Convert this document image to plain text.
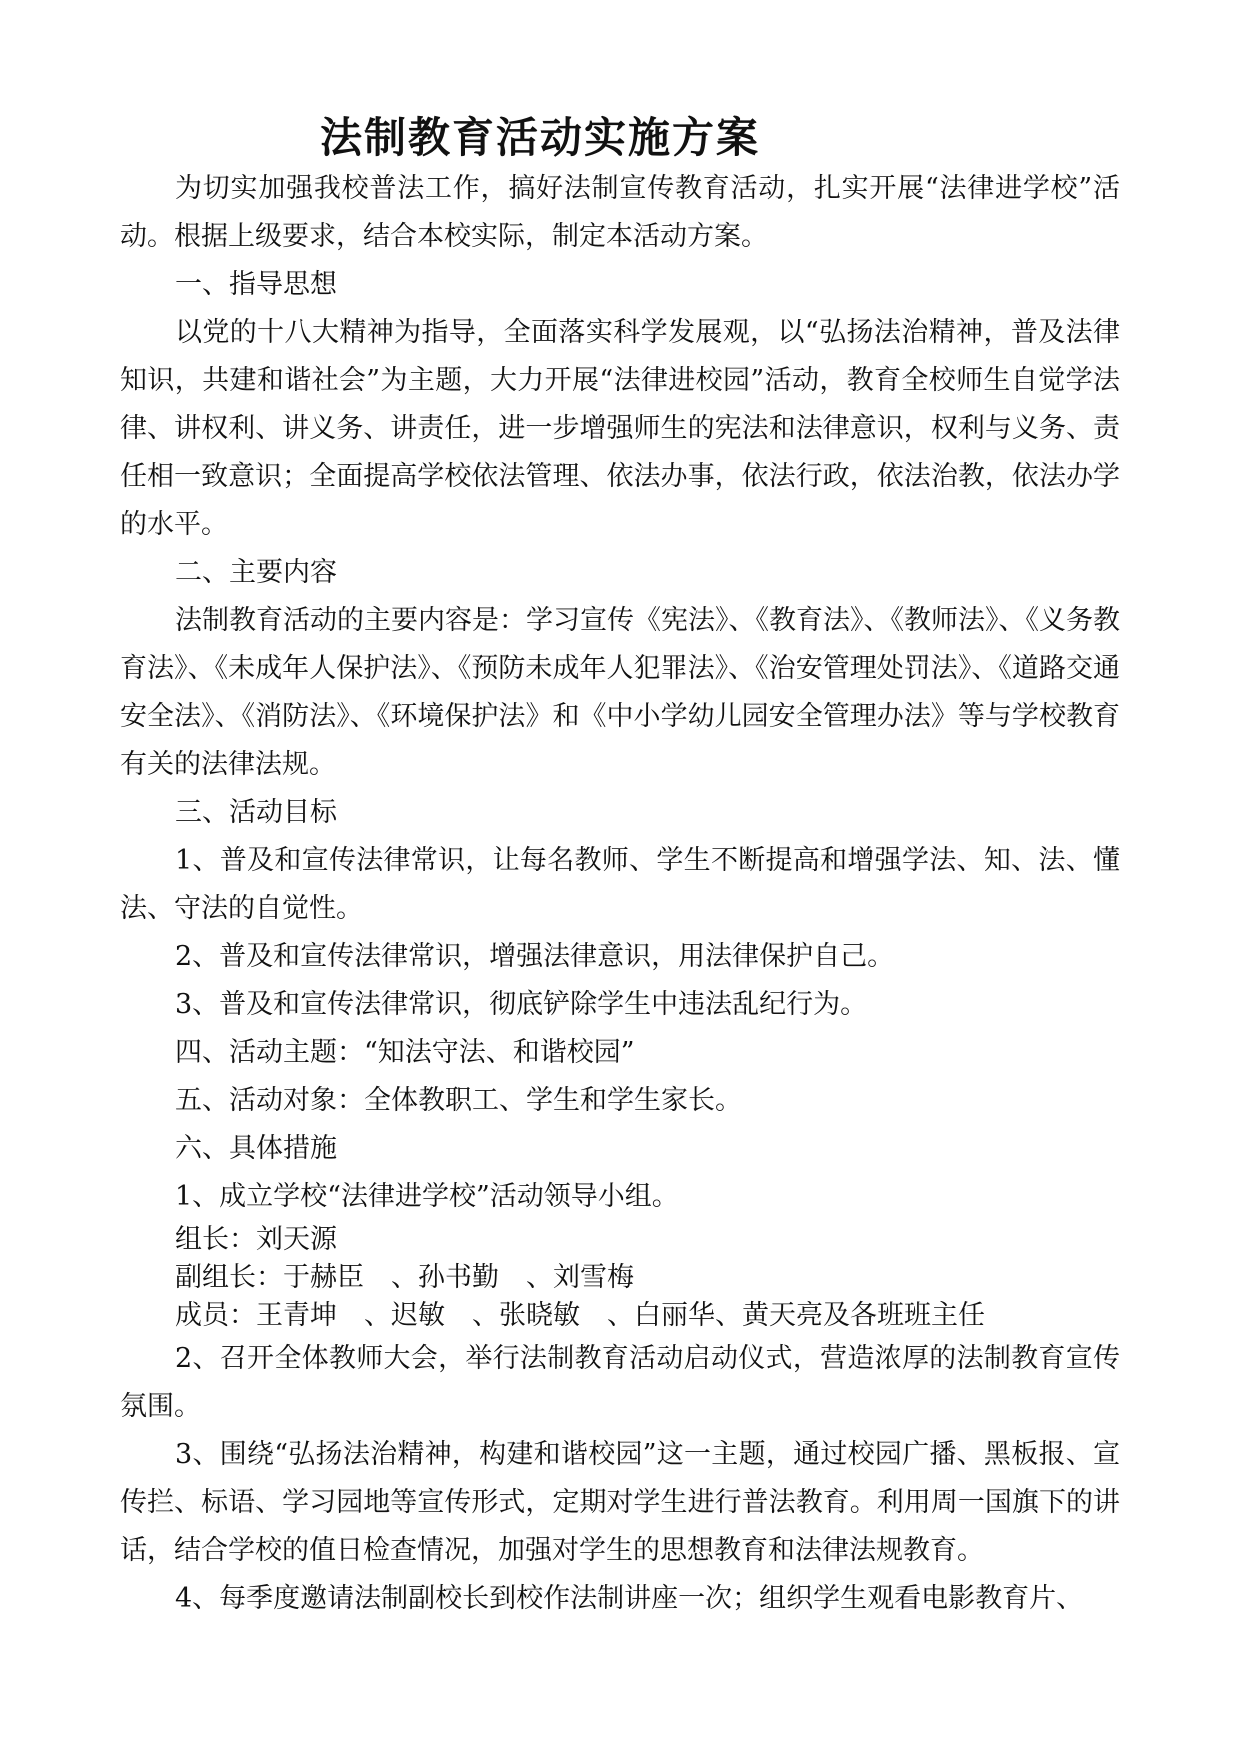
法制教育活动实施方案

为切实加强我校普法工作，搞好法制宣传教育活动，扎实开展“法律进学校”活动。根据上级要求，结合本校实际，制定本活动方案。

一、指导思想

以党的十八大精神为指导，全面落实科学发展观，以“弘扬法治精神，普及法律知识，共建和谐社会”为主题，大力开展“法律进校园”活动，教育全校师生自觉学法律、讲权利、讲义务、讲责任，进一步增强师生的宪法和法律意识，权利与义务、责任相一致意识；全面提高学校依法管理、依法办事，依法行政，依法治教，依法办学的水平。

二、主要内容

法制教育活动的主要内容是：学习宣传《宪法》、《教育法》、《教师法》、《义务教育法》、《未成年人保护法》、《预防未成年人犯罪法》、《治安管理处罚法》、《道路交通安全法》、《消防法》、《环境保护法》和《中小学幼儿园安全管理办法》等与学校教育有关的法律法规。

三、活动目标

1、普及和宣传法律常识，让每名教师、学生不断提高和增强学法、知、法、懂法、守法的自觉性。

2、普及和宣传法律常识，增强法律意识，用法律保护自己。

3、普及和宣传法律常识，彻底铲除学生中违法乱纪行为。

四、活动主题：“知法守法、和谐校园”

五、活动对象：全体教职工、学生和学生家长。

六、具体措施

1、成立学校“法律进学校”活动领导小组。

组长：刘天源

副组长：于赫臣　、孙书勤　、刘雪梅

成员：王青坤　、迟敏　、张晓敏　、白丽华、黄天亮及各班班主任

2、召开全体教师大会，举行法制教育活动启动仪式，营造浓厚的法制教育宣传氛围。

3、围绕“弘扬法治精神，构建和谐校园”这一主题，通过校园广播、黑板报、宣传拦、标语、学习园地等宣传形式，定期对学生进行普法教育。利用周一国旗下的讲话，结合学校的值日检查情况，加强对学生的思想教育和法律法规教育。

4、每季度邀请法制副校长到校作法制讲座一次；组织学生观看电影教育片、
